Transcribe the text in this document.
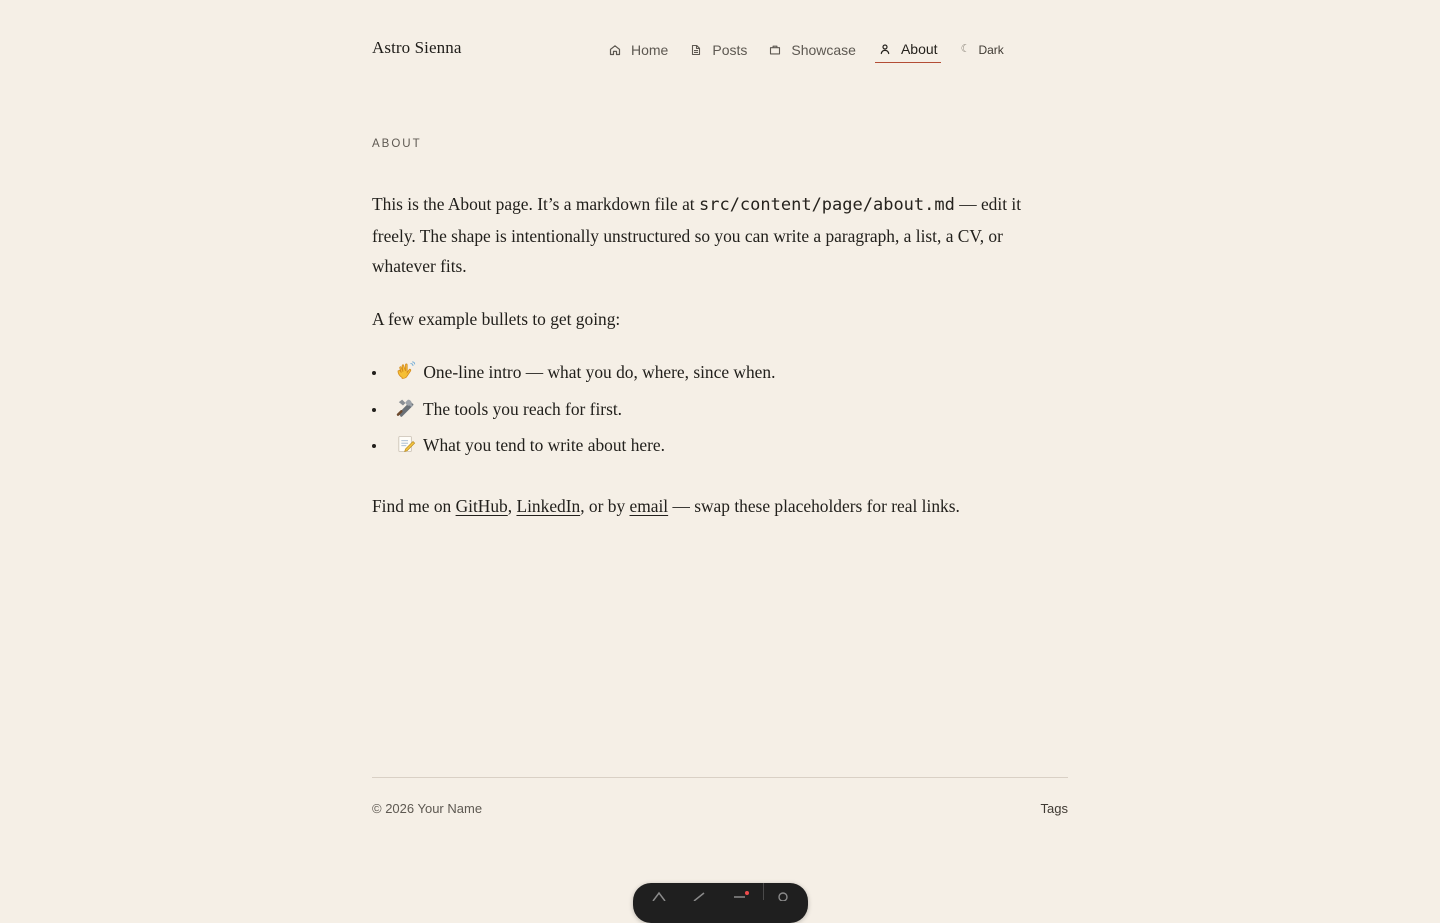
Astro Sienna	Home	Posts	Showcase	About ☾ Dark
ABOUT

This is the About page. It’s a markdown file at src/content/page/about.md — edit it freely. The shape is intentionally unstructured so you can write a paragraph, a list, a CV, or whatever fits.

A few example bullets to get going:

One-line intro — what you do, where, since when.
The tools you reach for first.
What you tend to write about here.

Find me on GitHub, LinkedIn, or by email — swap these placeholders for real links.

© 2026 Your Name	Tags
